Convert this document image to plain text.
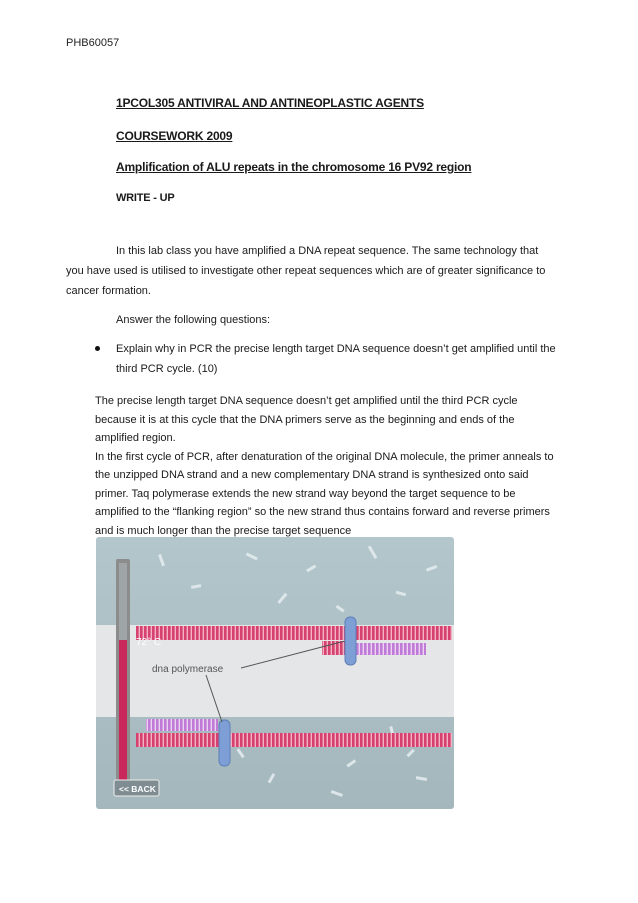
PHB60057
1PCOL305 ANTIVIRAL AND ANTINEOPLASTIC AGENTS
COURSEWORK 2009
Amplification of ALU repeats in the chromosome 16 PV92 region
WRITE - UP
In this lab class you have amplified a DNA repeat sequence. The same technology that you have used is utilised to investigate other repeat sequences which are of greater significance to cancer formation.
Answer the following questions:
Explain why in PCR the precise length target DNA sequence doesn’t get amplified until the third PCR cycle. (10)

The precise length target DNA sequence doesn’t get amplified until the third PCR cycle because it is at this cycle that the DNA primers serve as the beginning and ends of the amplified region.

In the first cycle of PCR, after denaturation of the original DNA molecule, the primer anneals to the unzipped DNA strand and a new complementary DNA strand is synthesized onto said primer. Taq polymerase extends the new strand way beyond the target sequence to be amplified to the “flanking region” so the new strand thus contains forward and reverse primers and is much longer than the precise target sequence

72° C
dna polymerase
<< BACK
